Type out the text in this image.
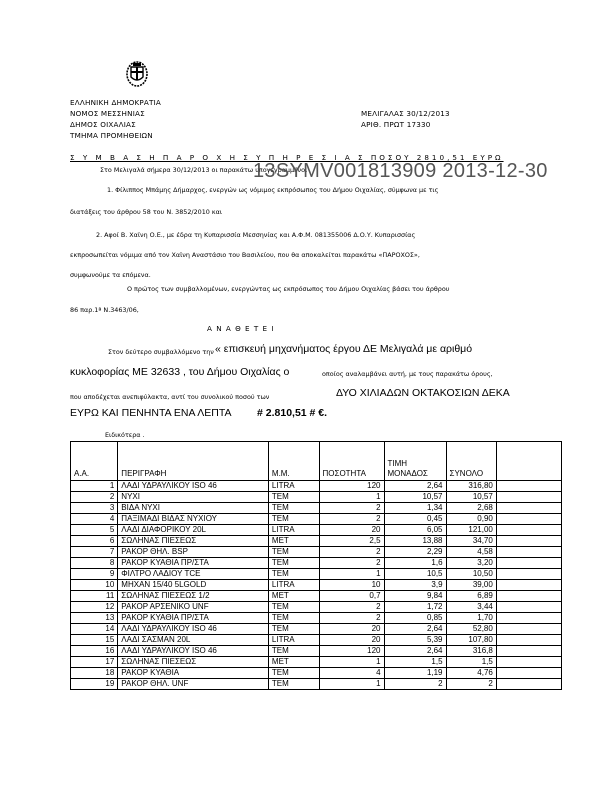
ΕΛΛΗΝΙΚΗ ΔΗΜΟΚΡΑΤΙΑ
ΝΟΜΟΣ ΜΕΣΣΗΝΙΑΣ
ΔΗΜΟΣ ΟΙΧΑΛΙΑΣ
ΤΜΗΜΑ ΠΡΟΜΗΘΕΙΩΝ
ΜΕΛΙΓΑΛΑΣ 30/12/2013
ΑΡΙΘ. ΠΡΩΤ 17330
Σ Υ Μ Β Α Σ Η Π Α Ρ Ο Χ Η Σ Υ Π Η Ρ Ε Σ Ι Α Σ ΠΟΣΟΥ 2810,51 ΕΥΡΩ
Στο Μελιγαλά σήμερα 30/12/2013 οι παρακάτω υπογεγραμμένοι
13SYMV001813909 2013-12-30
1. Φίλιππος Μπάμης Δήμαρχος, ενεργών ως νόμιμος εκπρόσωπος του Δήμου Οιχαλίας, σύμφωνα με τις
διατάξεις του άρθρου 58 του Ν. 3852/2010 και
2. Αφοί Β. Χαϊνη Ο.Ε., με έδρα τη Κυπαρισσία Μεσσηνίας και Α.Φ.Μ. 081355006 Δ.Ο.Υ. Κυπαρισσίας
εκπροσωπείται νόμιμα από τον Χαϊνη Αναστάσιο του Βασιλείου, που θα αποκαλείται παρακάτω «ΠΑΡΟΧΟΣ»,
συμφωνούμε τα επόμενα.
Ο πρώτος των συμβαλλομένων, ενεργώντας ως εκπρόσωπος του Δήμου Οιχαλίας βάσει του άρθρου
86 παρ.1ª Ν.3463/06,
Α Ν Α Θ Ε Τ Ε Ι
Στον δεύτερο συμβαλλόμενο την « επισκευή μηχανήματος έργου ΔΕ Μελιγαλά με αριθμό
κυκλοφορίας ΜΕ 32633 , του Δήμου Οιχαλίας ο	οποίος αναλαμβάνει αυτή, με τους παρακάτω όρους,
που αποδέχεται ανεπιφύλακτα, αντί του συνολικού ποσού των	ΔΥΟ ΧΙΛΙΑΔΩΝ ΟΚΤΑΚΟΣΙΩΝ ΔΕΚΑ
ΕΥΡΩ ΚΑΙ ΠΕΝΗΝΤΑ ΕΝΑ ΛΕΠΤΑ # 2.810,51 # €.
Ειδικότερα .
Α.Α.	ΠΕΡΙΓΡΑΦΗ	Μ.Μ.	ΠΟΣΟΤΗΤΑ	ΤΙΜΗ
ΜΟΝΑΔΟΣ	ΣΥΝΟΛΟ	
1	ΛΑΔΙ ΥΔΡΑΥΛΙΚΟΥ ISO 46	LITRA	120	2,64	316,80	
2	ΝΥΧΙ	TEM	1	10,57	10,57	
3	ΒΙΔΑ ΝΥΧΙ	TEM	2	1,34	2,68	
4	ΠΑΞΙΜΑΔΙ ΒΙΔΑΣ ΝΥΧΙΟΥ	TEM	2	0,45	0,90	
5	ΛΑΔΙ ΔΙΑΦΟΡΙΚΟΥ 20L	LITRA	20	6,05	121,00	
6	ΣΩΛΗΝΑΣ ΠΙΕΣΕΩΣ	MET	2,5	13,88	34,70	
7	ΡΑΚΟΡ ΘΗΛ. BSP	TEM	2	2,29	4,58	
8	ΡΑΚΟΡ ΚΥΑΘΙΑ ΠΡ/ΣΤΑ	TEM	2	1,6	3,20	
9	ΦΙΛΤΡΟ ΛΑΔΙΟΥ TCE	TEM	1	10,5	10,50	
10	ΜΗΧΑΝ 15/40 5LGOLD	LITRA	10	3,9	39,00	
11	ΣΩΛΗΝΑΣ ΠΙΕΣΕΩΣ 1/2	MET	0,7	9,84	6,89	
12	ΡΑΚΟΡ ΑΡΣΕΝΙΚΟ UNF	TEM	2	1,72	3,44	
13	ΡΑΚΟΡ ΚΥΑΘΙΑ ΠΡ/ΣΤΑ	TEM	2	0,85	1,70	
14	ΛΑΔΙ ΥΔΡΑΥΛΙΚΟΥ ISO 46	TEM	20	2,64	52,80	
15	ΛΑΔΙ ΣΑΣΜΑΝ 20L	LITRA	20	5,39	107,80	
16	ΛΑΔΙ ΥΔΡΑΥΛΙΚΟΥ ISO 46	TEM	120	2,64	316,8	
17	ΣΩΛΗΝΑΣ ΠΙΕΣΕΩΣ	MET	1	1,5	1,5	
18	ΡΑΚΟΡ ΚΥΑΘΙΑ	TEM	4	1,19	4,76	
19	ΡΑΚΟΡ ΘΗΛ. UNF	TEM	1	2	2	
